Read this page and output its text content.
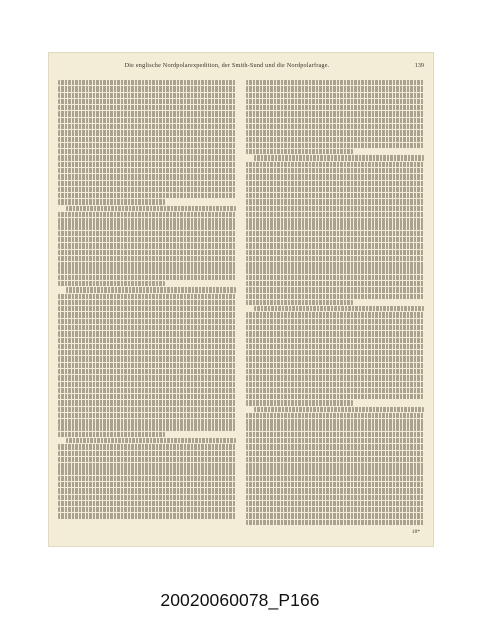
Die englische Nordpolarexpedition, der Smith-Sund und die Nordpolarfrage.	139
18*
20020060078_P166
